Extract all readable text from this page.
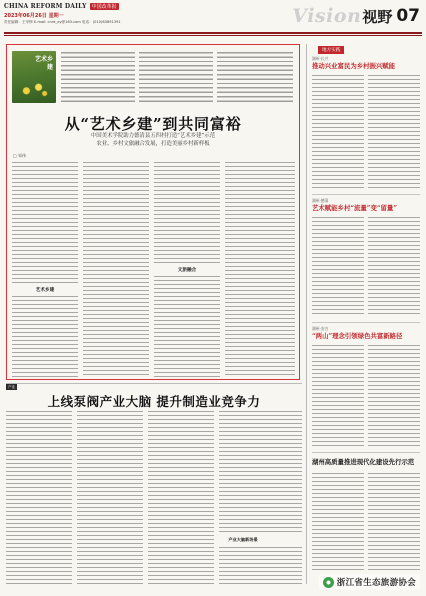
CHINA REFORM DAILY	中国改革报
2023年06月26日 星期一
责任编辑：王甲铸 E-mail: cnrd_xy@163.com 电话：(010)63691391	Vision 视野 07
艺术乡建
从“艺术乡建”到共同富裕
中国美术学院助力德清县五四村打造“艺术乡建”示范
农业、乡村文旅融合发展，打造美丽乡村新样板
□ 邹伟
艺术乡建
文旅融合
地方实践
湖州·长兴
推动兴业富民为乡村振兴赋能
湖州·德清
艺术赋能乡村“流量”变“留量”
湖州·安吉
“两山”理念引领绿色共富新路径
湖州高质量推进现代化建设先行示范
产业
上线泵阀产业大脑 提升制造业竞争力
产业大脑新场景
浙江省生态旅游协会
